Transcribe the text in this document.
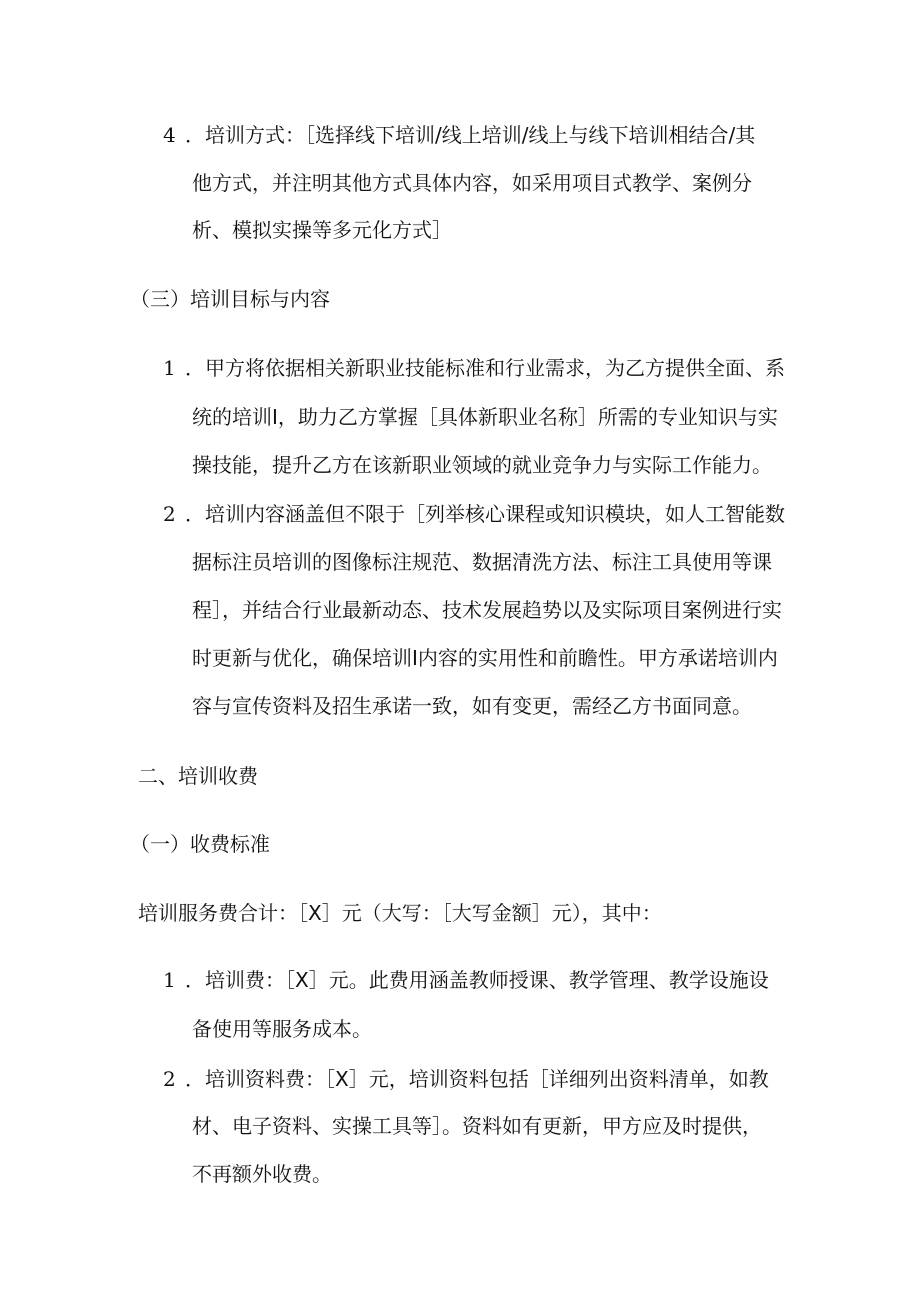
4 ．培训方式：［选择线下培训/线上培训/线上与线下培训相结合/其
他方式，并注明其他方式具体内容，如采用项目式教学、案例分
析、模拟实操等多元化方式］
（三）培训目标与内容
1 ．甲方将依据相关新职业技能标准和行业需求，为乙方提供全面、系
统的培训I，助力乙方掌握［具体新职业名称］所需的专业知识与实
操技能，提升乙方在该新职业领域的就业竞争力与实际工作能力。
2 ．培训内容涵盖但不限于［列举核心课程或知识模块，如人工智能数
据标注员培训的图像标注规范、数据清洗方法、标注工具使用等课
程］，并结合行业最新动态、技术发展趋势以及实际项目案例进行实
时更新与优化，确保培训I内容的实用性和前瞻性。甲方承诺培训内
容与宣传资料及招生承诺一致，如有变更，需经乙方书面同意。
二、培训收费
（一）收费标准
培训服务费合计：［X］元（大写：［大写金额］元），其中：
1 ．培训费：［X］元。此费用涵盖教师授课、教学管理、教学设施设
备使用等服务成本。
2 ．培训资料费：［X］元，培训资料包括［详细列出资料清单，如教
材、电子资料、实操工具等］。资料如有更新，甲方应及时提供，
不再额外收费。
